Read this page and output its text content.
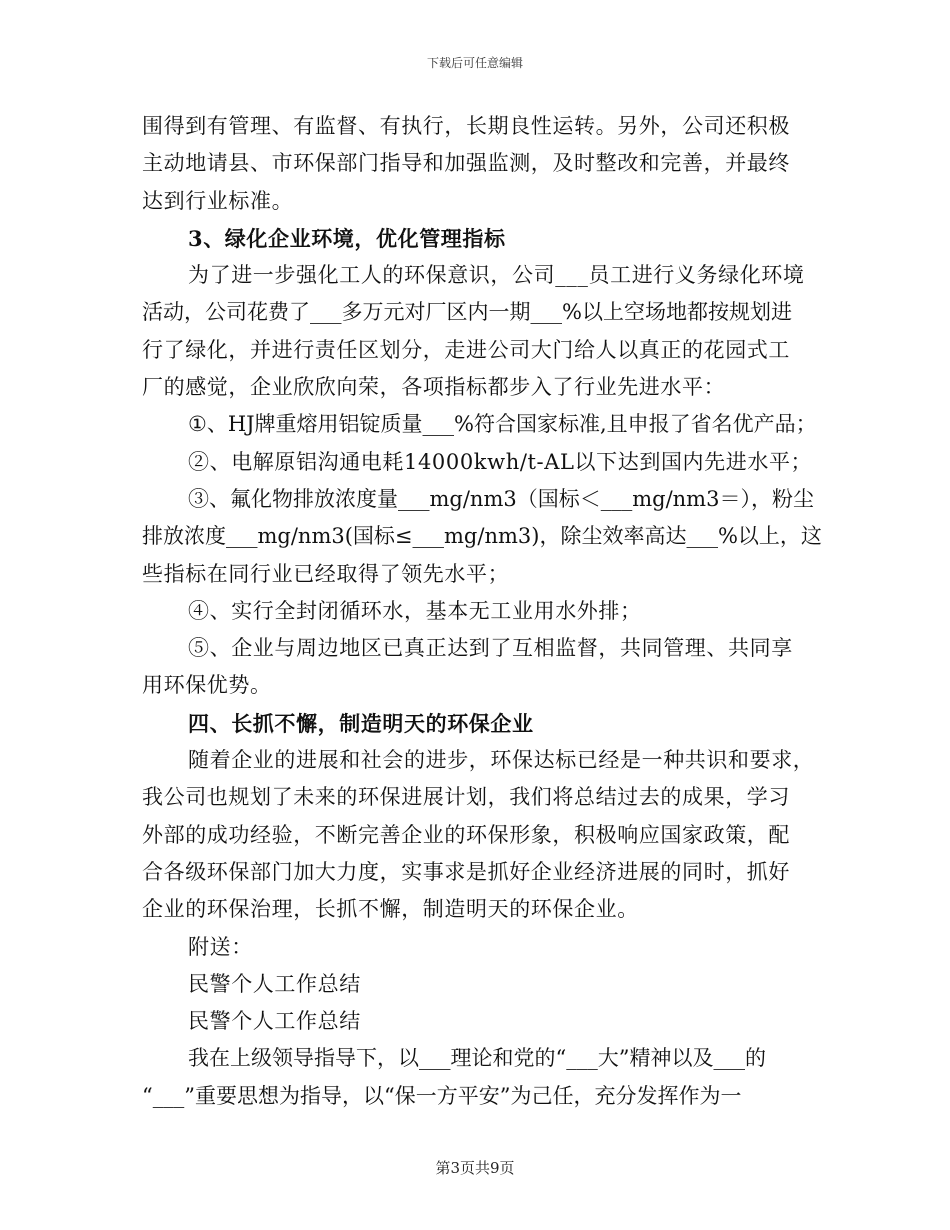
下载后可任意编辑
围得到有管理、有监督、有执行，长期良性运转。另外，公司还积极
主动地请县、市环保部门指导和加强监测，及时整改和完善，并最终
达到行业标准。
3、绿化企业环境，优化管理指标
为了进一步强化工人的环保意识，公司___员工进行义务绿化环境
活动，公司花费了___多万元对厂区内一期___%以上空场地都按规划进
行了绿化，并进行责任区划分，走进公司大门给人以真正的花园式工
厂的感觉，企业欣欣向荣，各项指标都步入了行业先进水平：
①、HJ牌重熔用铝锭质量___%符合国家标准,且申报了省名优产品；
②、电解原铝沟通电耗14000kwh/t-AL以下达到国内先进水平；
③、氟化物排放浓度量___mg/nm3（国标＜___mg/nm3＝），粉尘
排放浓度___mg/nm3(国标≤___mg/nm3)，除尘效率高达___%以上，这
些指标在同行业已经取得了领先水平；
④、实行全封闭循环水，基本无工业用水外排；
⑤、企业与周边地区已真正达到了互相监督，共同管理、共同享
用环保优势。
四、长抓不懈，制造明天的环保企业
随着企业的进展和社会的进步，环保达标已经是一种共识和要求，
我公司也规划了未来的环保进展计划，我们将总结过去的成果，学习
外部的成功经验，不断完善企业的环保形象，积极响应国家政策，配
合各级环保部门加大力度，实事求是抓好企业经济进展的同时，抓好
企业的环保治理，长抓不懈，制造明天的环保企业。
附送：
民警个人工作总结
民警个人工作总结
我在上级领导指导下，以___理论和党的“___大”精神以及___的
“___”重要思想为指导，以“保一方平安”为己任，充分发挥作为一
第3页共9页
